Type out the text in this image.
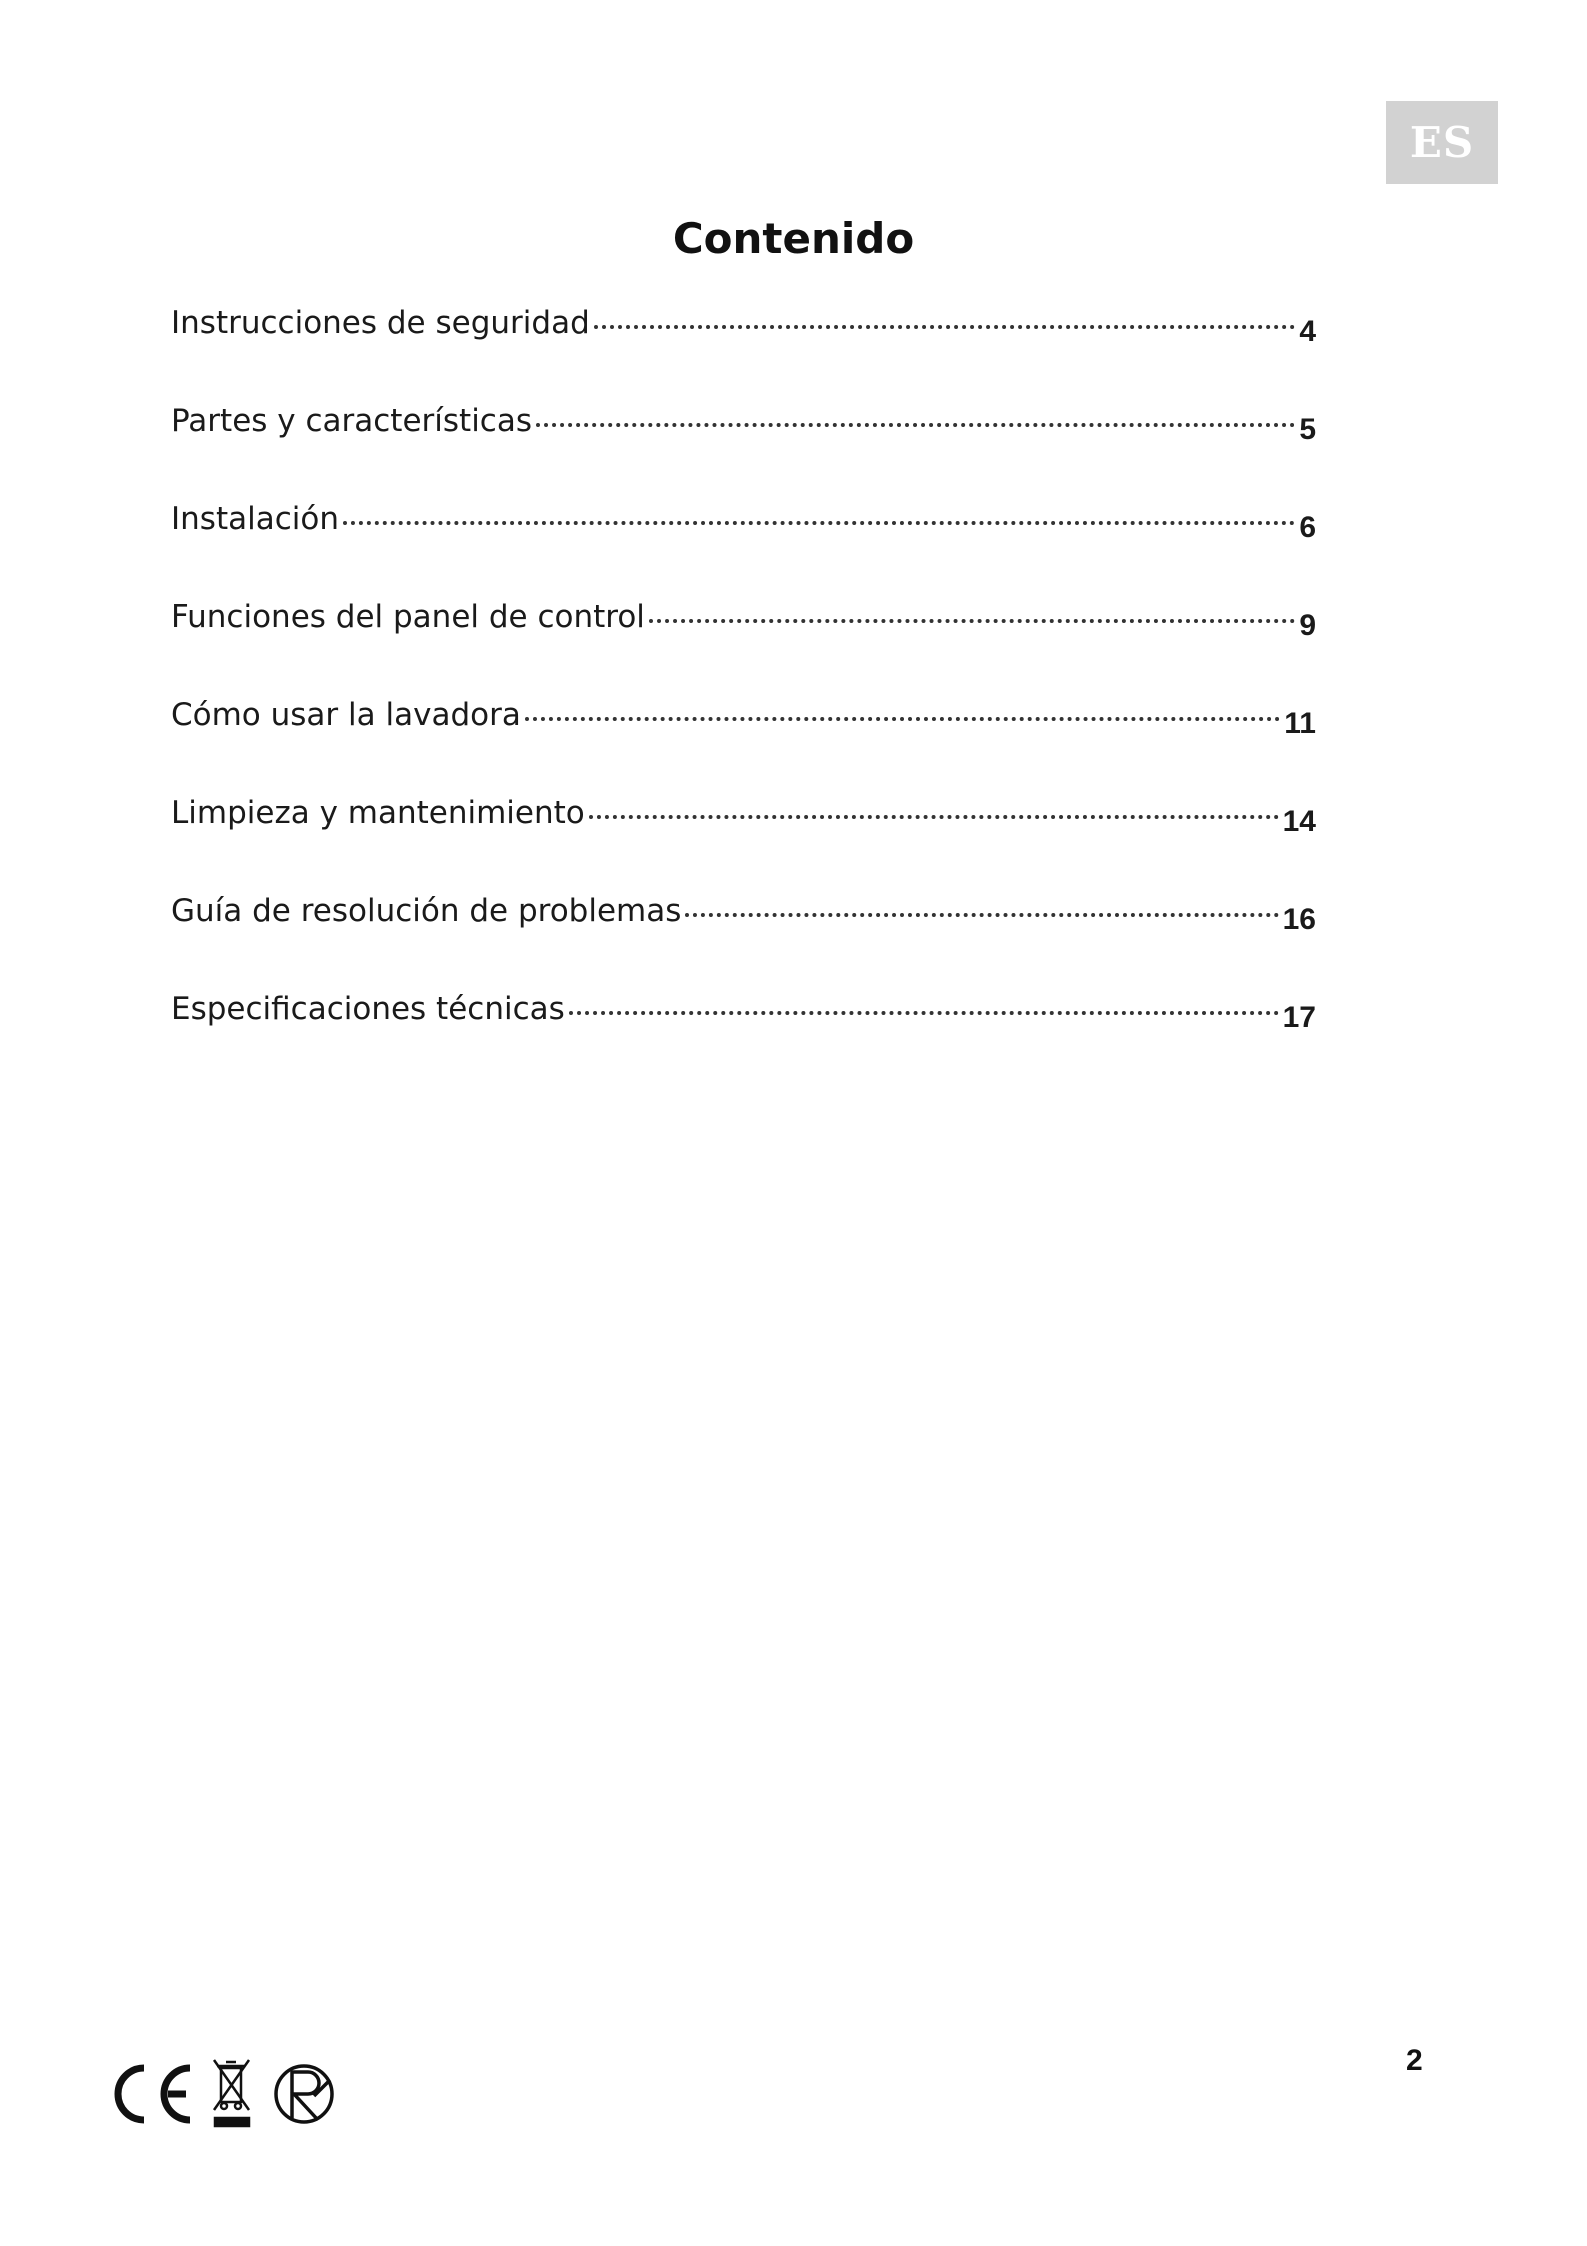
ES
Contenido
Instrucciones de seguridad	4
Partes y características	5
Instalación	6
Funciones del panel de control	9
Cómo usar la lavadora	11
Limpieza y mantenimiento	14
Guía de resolución de problemas	16
Especificaciones técnicas	17
2
